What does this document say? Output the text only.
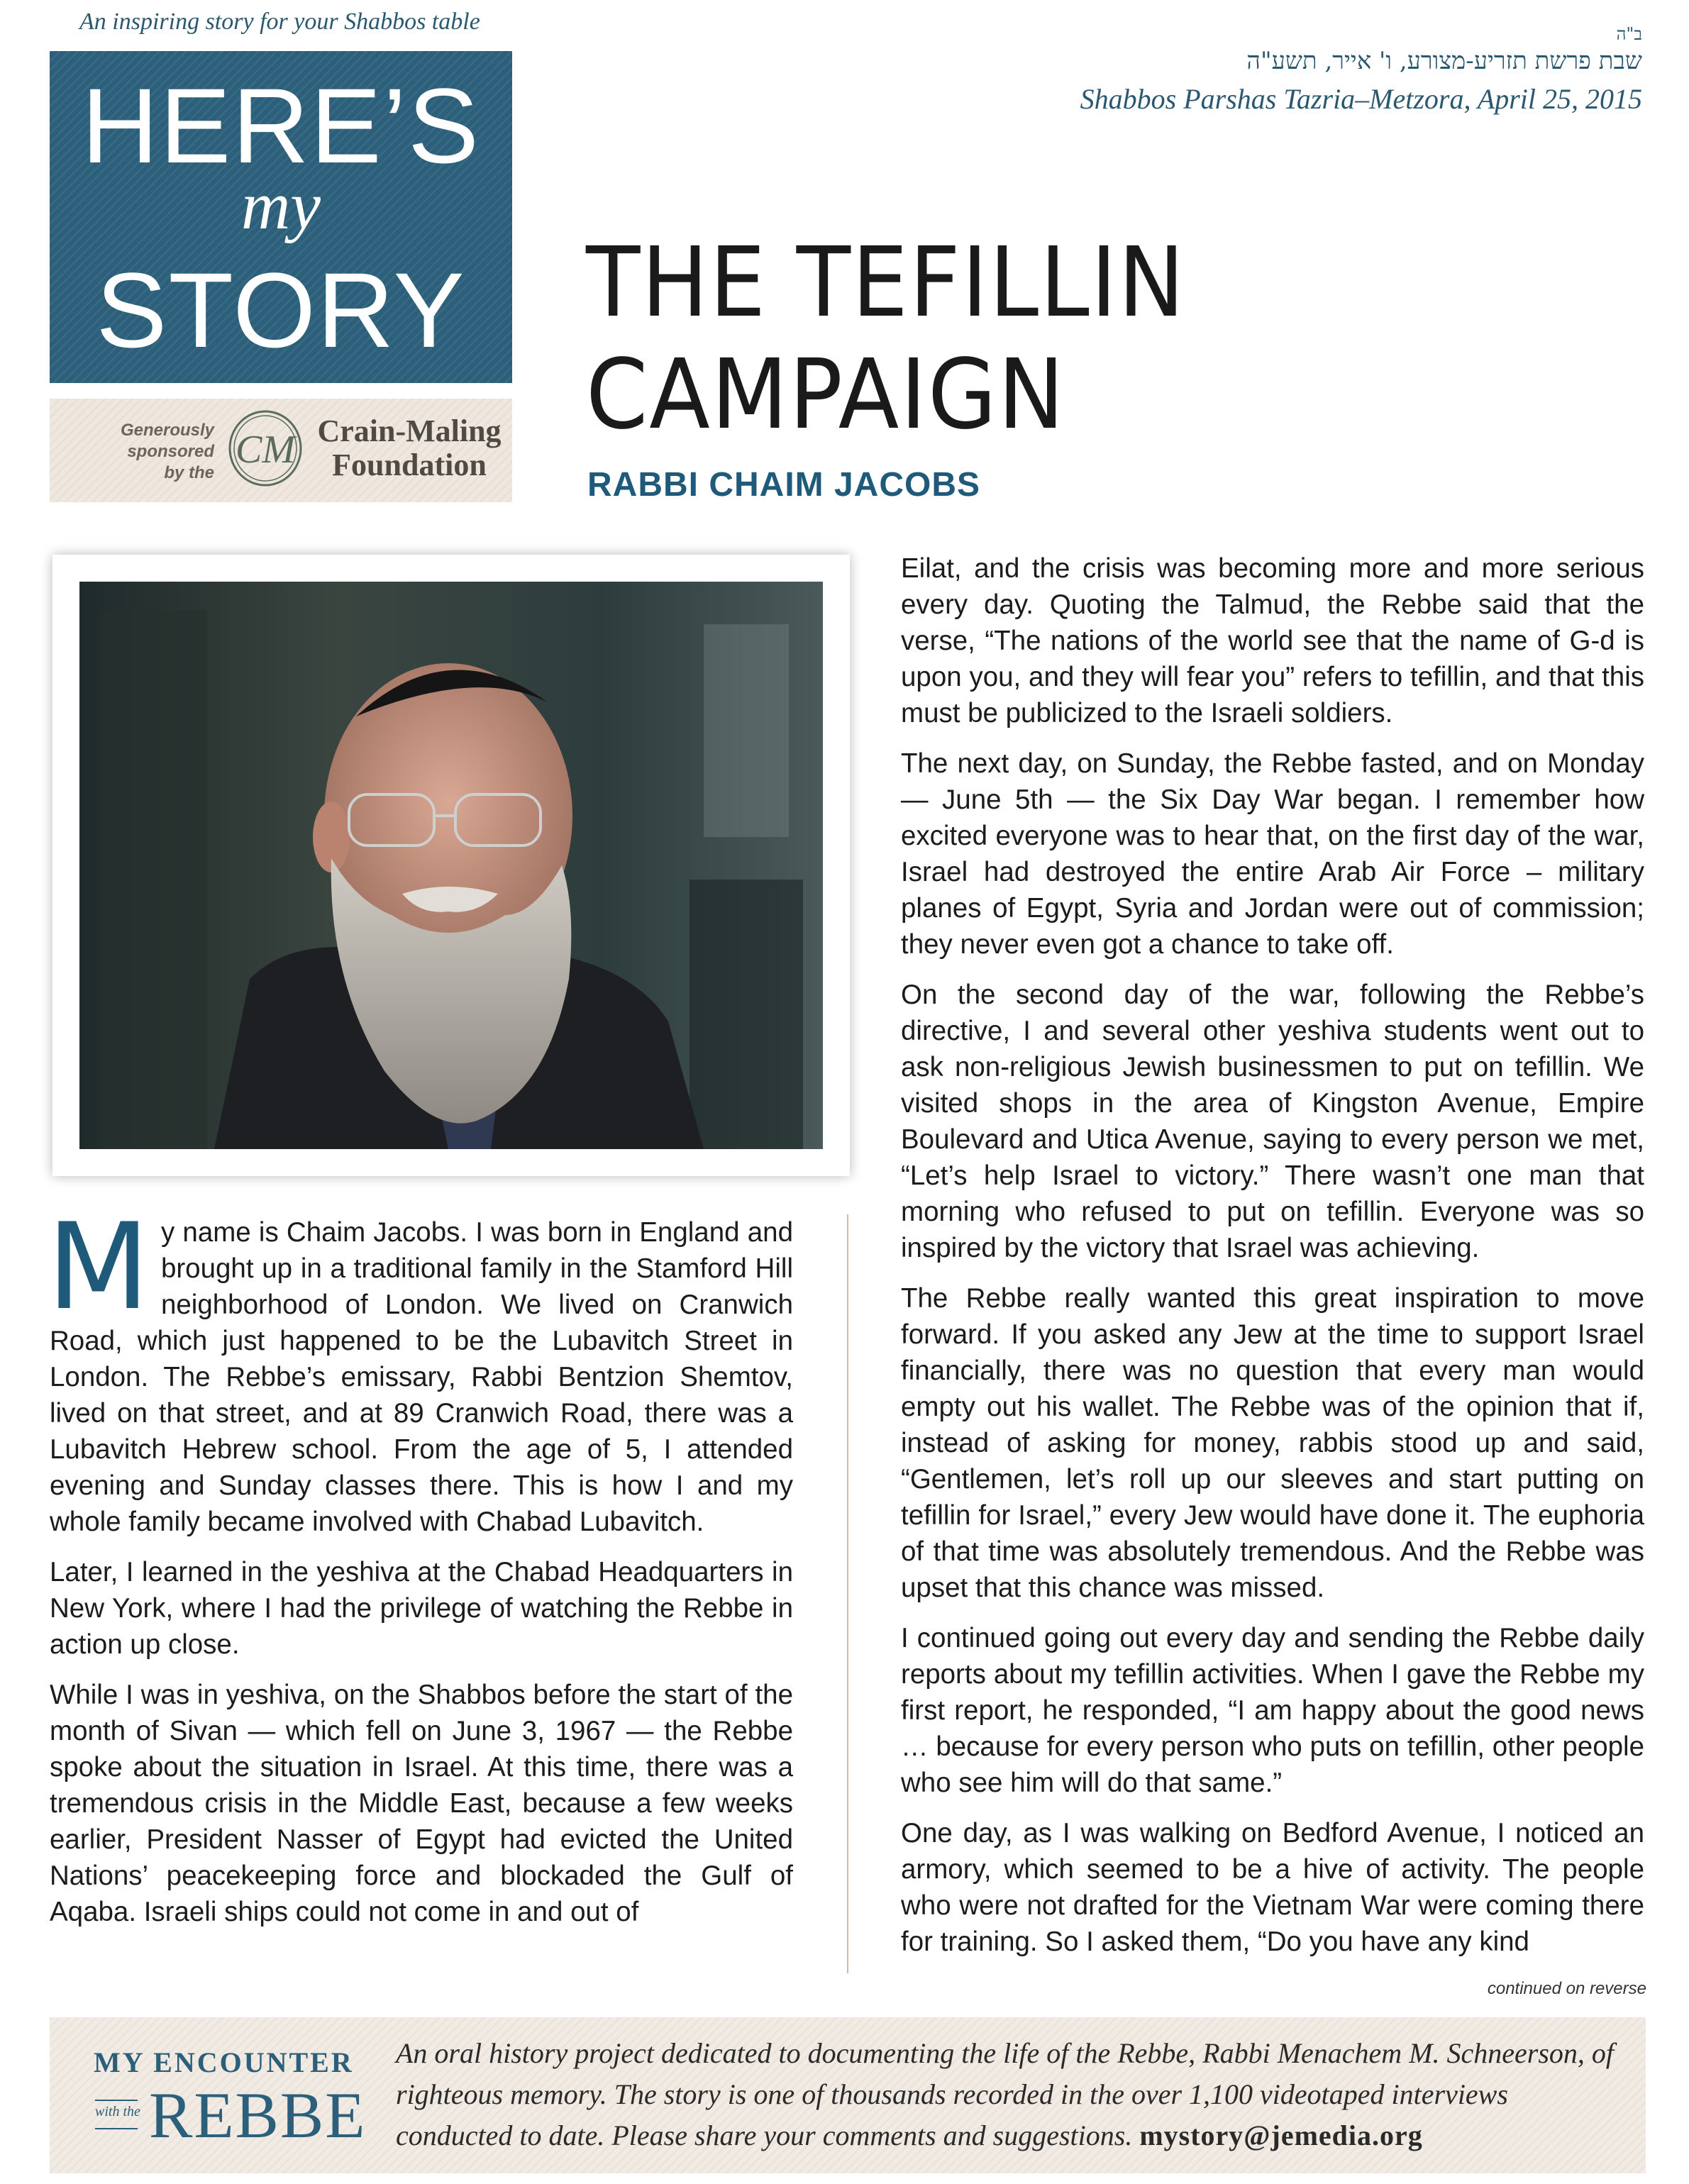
An inspiring story for your Shabbos table
HERE’S
my
STORY
Generously
sponsored
by the
CM Crain-Maling
Foundation
ב"ה
שבת פרשת תזריע-מצורע, ו' אייר, תשע"ה
Shabbos Parshas Tazria–Metzora, April 25, 2015
THE TEFILLIN
CAMPAIGN
RABBI CHAIM JACOBS

My name is Chaim Jacobs. I was born in England and brought up in a traditional family in the Stamford Hill neighborhood of London. We lived on Cranwich Road, which just happened to be the Lubavitch Street in London. The Rebbe’s emissary, Rabbi Bentzion Shemtov, lived on that street, and at 89 Cranwich Road, there was a Lubavitch Hebrew school. From the age of 5, I attended evening and Sunday classes there. This is how I and my whole family became involved with Chabad Lubavitch.

Later, I learned in the yeshiva at the Chabad Headquarters in New York, where I had the privilege of watching the Rebbe in action up close.

While I was in yeshiva, on the Shabbos before the start of the month of Sivan — which fell on June 3, 1967 — the Rebbe spoke about the situation in Israel. At this time, there was a tremendous crisis in the Middle East, because a few weeks earlier, President Nasser of Egypt had evicted the United Nations’ peacekeeping force and blockaded the Gulf of Aqaba. Israeli ships could not come in and out of

Eilat, and the crisis was becoming more and more serious every day. Quoting the Talmud, the Rebbe said that the verse, “The nations of the world see that the name of G-d is upon you, and they will fear you” refers to tefillin, and that this must be publicized to the Israeli soldiers.

The next day, on Sunday, the Rebbe fasted, and on Monday — June 5th — the Six Day War began. I remember how excited everyone was to hear that, on the first day of the war, Israel had destroyed the entire Arab Air Force – military planes of Egypt, Syria and Jordan were out of commission; they never even got a chance to take off.

On the second day of the war, following the Rebbe’s directive, I and several other yeshiva students went out to ask non-religious Jewish businessmen to put on tefillin. We visited shops in the area of Kingston Avenue, Empire Boulevard and Utica Avenue, saying to every person we met, “Let’s help Israel to victory.” There wasn’t one man that morning who refused to put on tefillin. Everyone was so inspired by the victory that Israel was achieving.

The Rebbe really wanted this great inspiration to move forward. If you asked any Jew at the time to support Israel financially, there was no question that every man would empty out his wallet. The Rebbe was of the opinion that if, instead of asking for money, rabbis stood up and said, “Gentlemen, let’s roll up our sleeves and start putting on tefillin for Israel,” every Jew would have done it. The euphoria of that time was absolutely tremendous. And the Rebbe was upset that this chance was missed.

I continued going out every day and sending the Rebbe daily reports about my tefillin activities. When I gave the Rebbe my first report, he responded, “I am happy about the good news … because for every person who puts on tefillin, other people who see him will do that same.”

One day, as I was walking on Bedford Avenue, I noticed an armory, which seemed to be a hive of activity. The people who were not drafted for the Vietnam War were coming there for training. So I asked them, “Do you have any kind

continued on reverse
MY ENCOUNTER
with the REBBE
An oral history project dedicated to documenting the life of the Rebbe, Rabbi Menachem M. Schneerson, of righteous memory. The story is one of thousands recorded in the over 1,100 videotaped interviews conducted to date. Please share your comments and suggestions. mystory@jemedia.org
